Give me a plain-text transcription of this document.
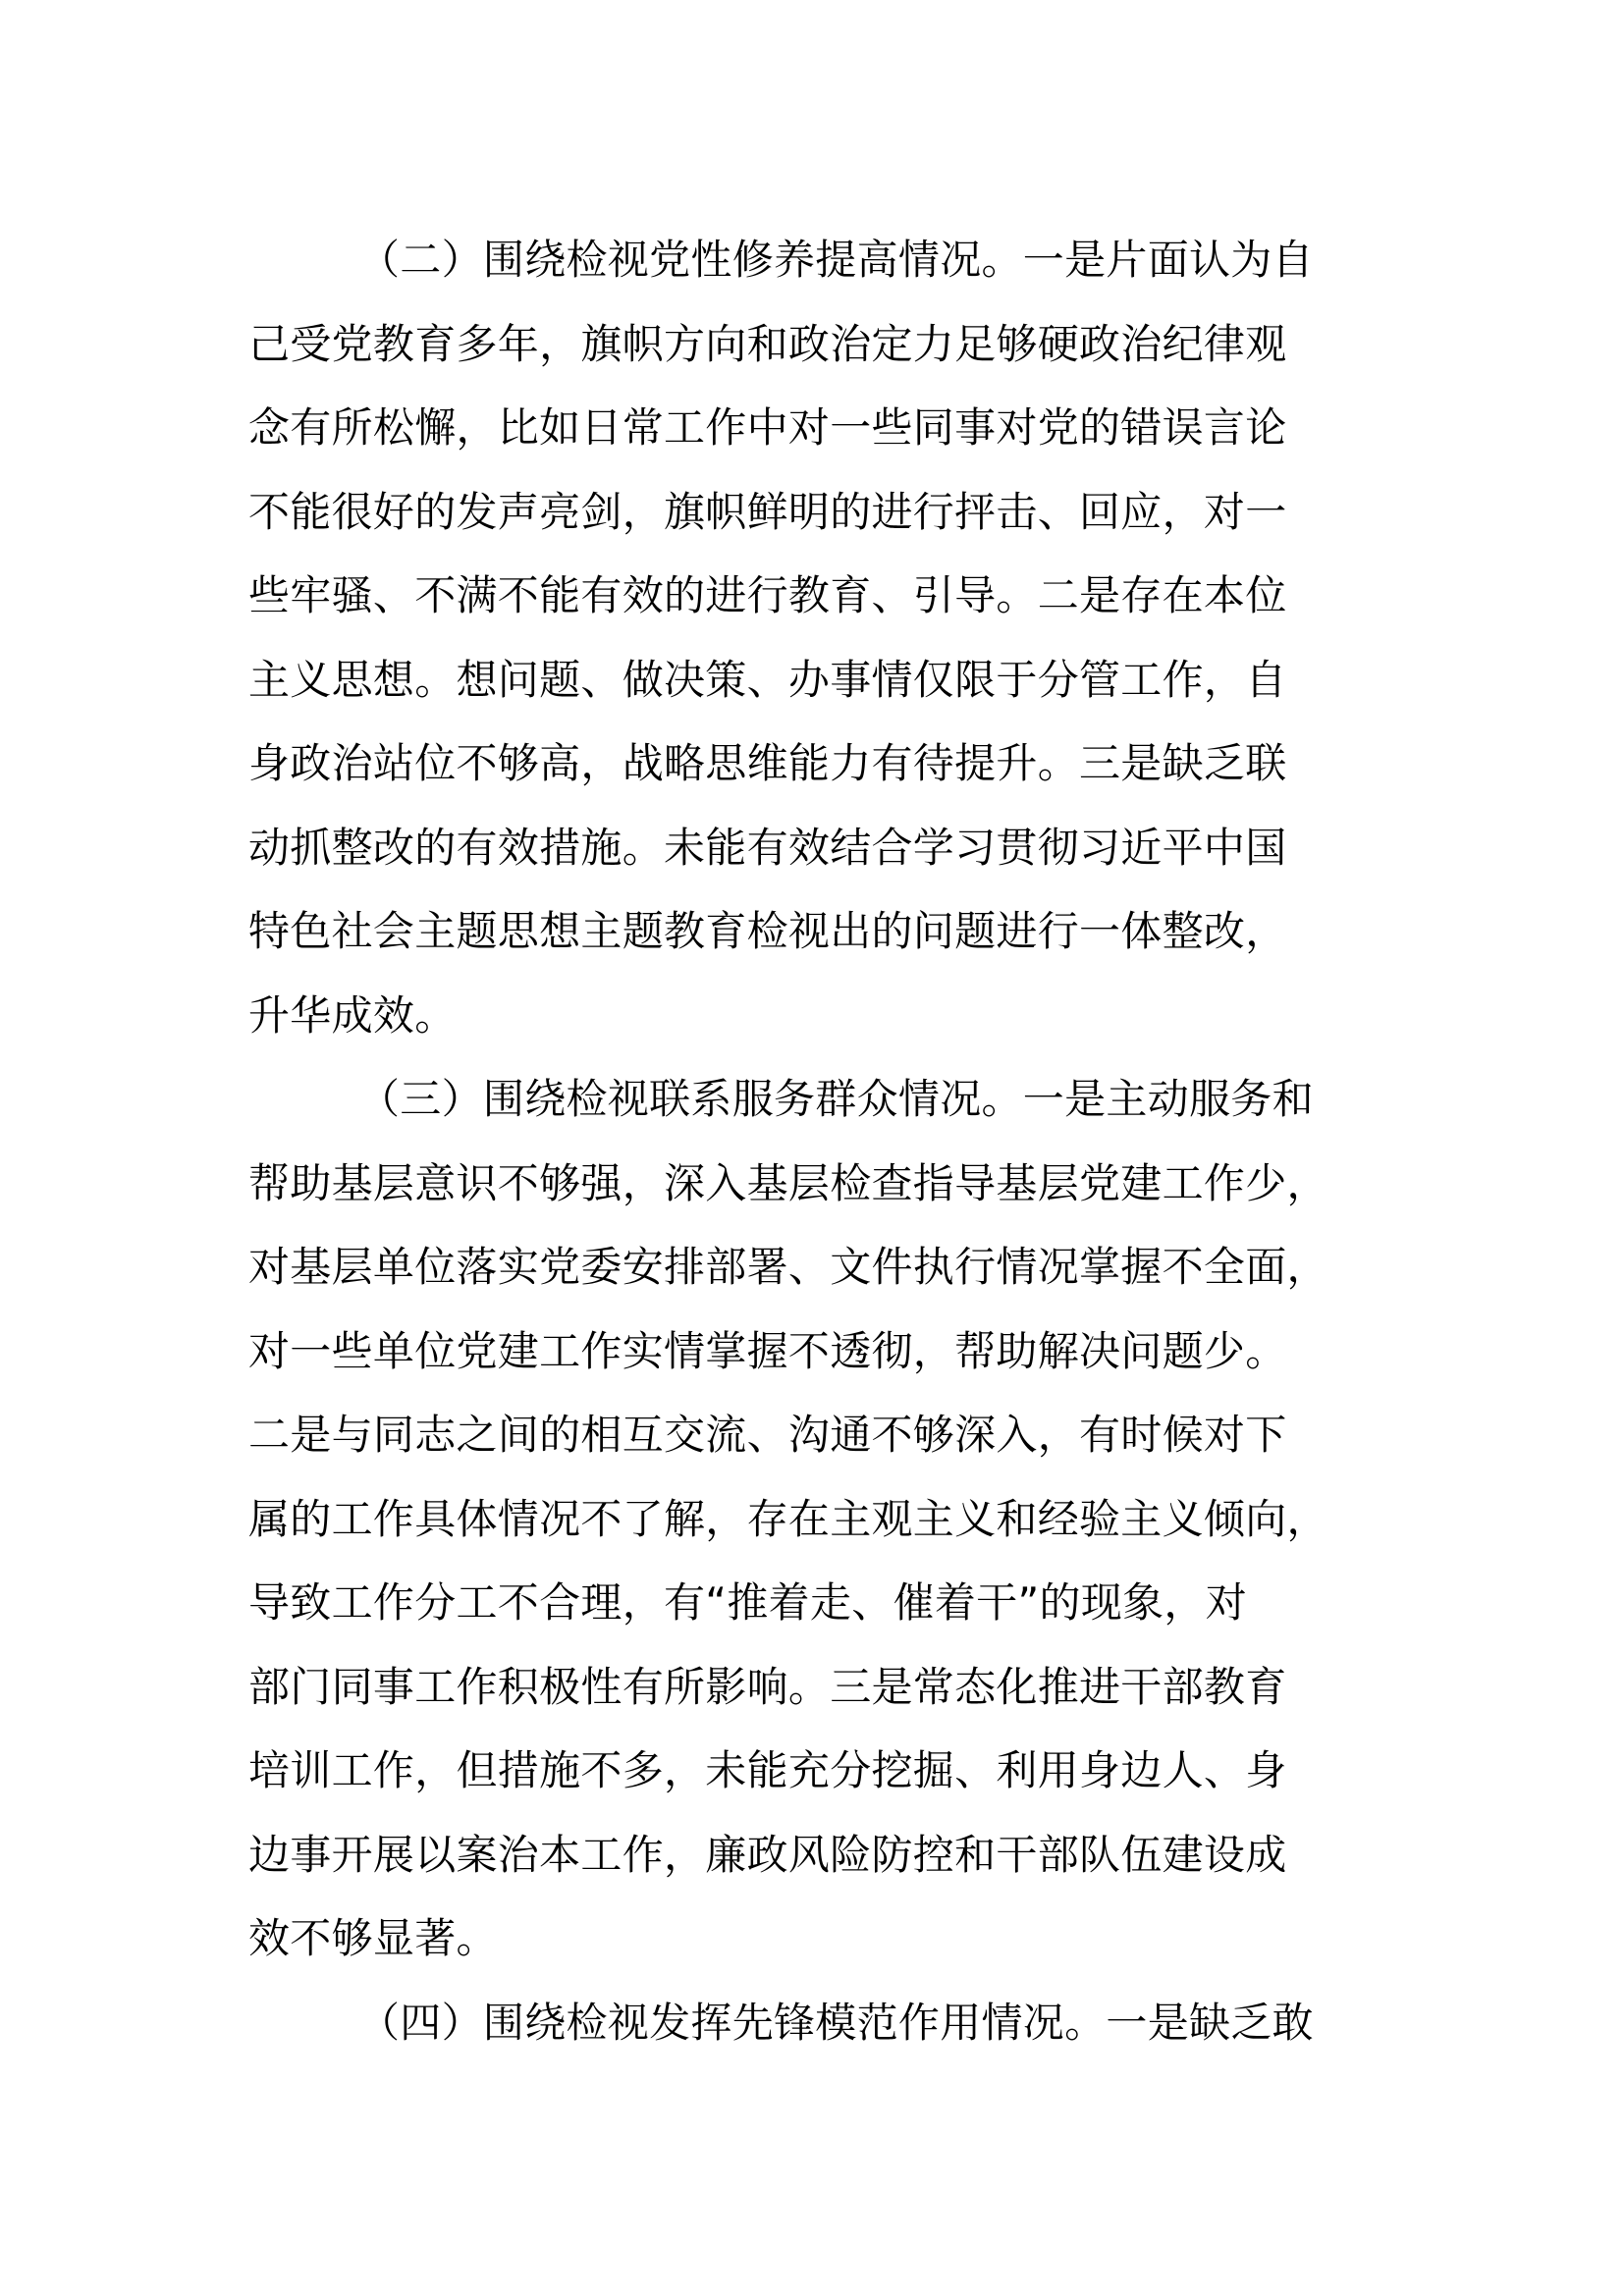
（二）围绕检视党性修养提高情况。一是片面认为自
己受党教育多年，旗帜方向和政治定力足够硬政治纪律观
念有所松懈，比如日常工作中对一些同事对党的错误言论
不能很好的发声亮剑，旗帜鲜明的进行抨击、回应，对一
些牢骚、不满不能有效的进行教育、引导。二是存在本位
主义思想。想问题、做决策、办事情仅限于分管工作，自
身政治站位不够高，战略思维能力有待提升。三是缺乏联
动抓整改的有效措施。未能有效结合学习贯彻习近平中国
特色社会主题思想主题教育检视出的问题进行一体整改，
升华成效。
（三）围绕检视联系服务群众情况。一是主动服务和
帮助基层意识不够强，深入基层检查指导基层党建工作少，
对基层单位落实党委安排部署、文件执行情况掌握不全面，
对一些单位党建工作实情掌握不透彻，帮助解决问题少。
二是与同志之间的相互交流、沟通不够深入，有时候对下
属的工作具体情况不了解，存在主观主义和经验主义倾向，
导致工作分工不合理，有“推着走、催着干”的现象，对
部门同事工作积极性有所影响。三是常态化推进干部教育
培训工作，但措施不多，未能充分挖掘、利用身边人、身
边事开展以案治本工作，廉政风险防控和干部队伍建设成
效不够显著。
（四）围绕检视发挥先锋模范作用情况。一是缺乏敢
